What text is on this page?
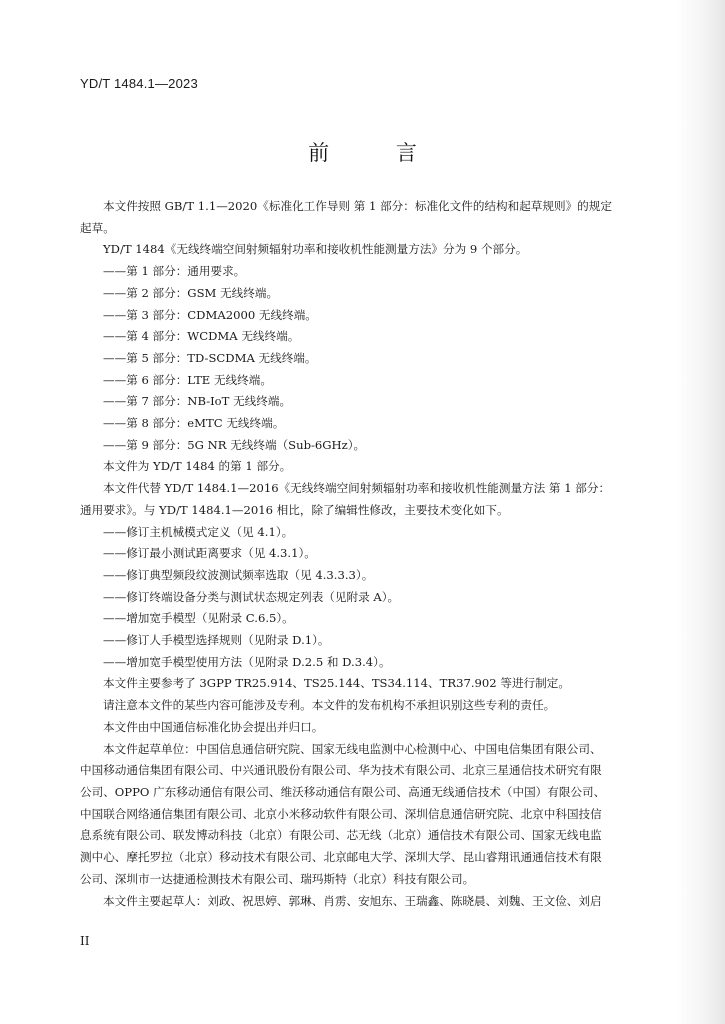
YD/T 1484.1—2023
前 言

本文件按照 GB/T 1.1—2020《标准化工作导则 第 1 部分：标准化文件的结构和起草规则》的规定

起草。

YD/T 1484《无线终端空间射频辐射功率和接收机性能测量方法》分为 9 个部分。

——第 1 部分：通用要求。

——第 2 部分：GSM 无线终端。

——第 3 部分：CDMA2000 无线终端。

——第 4 部分：WCDMA 无线终端。

——第 5 部分：TD-SCDMA 无线终端。

——第 6 部分：LTE 无线终端。

——第 7 部分：NB-IoT 无线终端。

——第 8 部分：eMTC 无线终端。

——第 9 部分：5G NR 无线终端（Sub-6GHz）。

本文件为 YD/T 1484 的第 1 部分。

本文件代替 YD/T 1484.1—2016《无线终端空间射频辐射功率和接收机性能测量方法 第 1 部分：

通用要求》。与 YD/T 1484.1—2016 相比，除了编辑性修改，主要技术变化如下。

——修订主机械模式定义（见 4.1）。

——修订最小测试距离要求（见 4.3.1）。

——修订典型频段纹波测试频率选取（见 4.3.3.3）。

——修订终端设备分类与测试状态规定列表（见附录 A）。

——增加宽手模型（见附录 C.6.5）。

——修订人手模型选择规则（见附录 D.1）。

——增加宽手模型使用方法（见附录 D.2.5 和 D.3.4）。

本文件主要参考了 3GPP TR25.914、TS25.144、TS34.114、TR37.902 等进行制定。

请注意本文件的某些内容可能涉及专利。本文件的发布机构不承担识别这些专利的责任。

本文件由中国通信标准化协会提出并归口。

本文件起草单位：中国信息通信研究院、国家无线电监测中心检测中心、中国电信集团有限公司、

中国移动通信集团有限公司、中兴通讯股份有限公司、华为技术有限公司、北京三星通信技术研究有限

公司、OPPO 广东移动通信有限公司、维沃移动通信有限公司、高通无线通信技术（中国）有限公司、

中国联合网络通信集团有限公司、北京小米移动软件有限公司、深圳信息通信研究院、北京中科国技信

息系统有限公司、联发博动科技（北京）有限公司、芯无线（北京）通信技术有限公司、国家无线电监

测中心、摩托罗拉（北京）移动技术有限公司、北京邮电大学、深圳大学、昆山睿翔讯通通信技术有限

公司、深圳市一达捷通检测技术有限公司、瑞玛斯特（北京）科技有限公司。

本文件主要起草人：刘政、祝思婷、郭琳、肖雳、安旭东、王瑞鑫、陈晓晨、刘魏、王文俭、刘启

II
